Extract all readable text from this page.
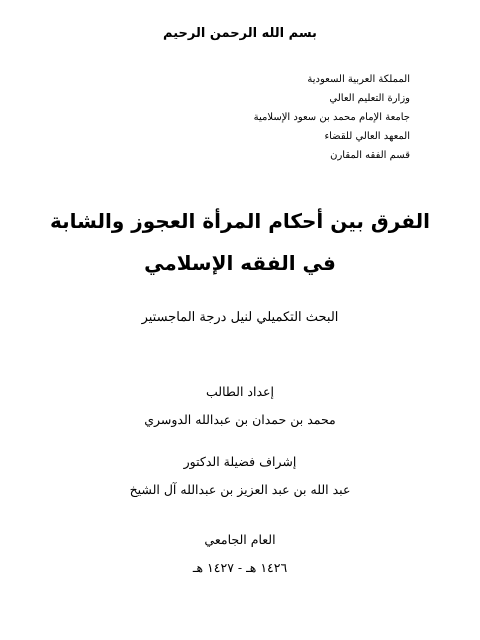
بسم الله الرحمن الرحيم
المملكة العربية السعودية
وزارة التعليم العالي
جامعة الإمام محمد بن سعود الإسلامية
المعهد العالي للقضاء
قسم الفقه المقارن
الفرق بين أحكام المرأة العجوز والشابة
في الفقه الإسلامي
البحث التكميلي لنيل درجة الماجستير
إعداد الطالب
محمد بن حمدان بن عبدالله الدوسري
إشراف فضيلة الدكتور
عبد الله بن عبد العزيز بن عبدالله آل الشيخ
العام الجامعي
١٤٢٦ هـ - ١٤٢٧ هـ
